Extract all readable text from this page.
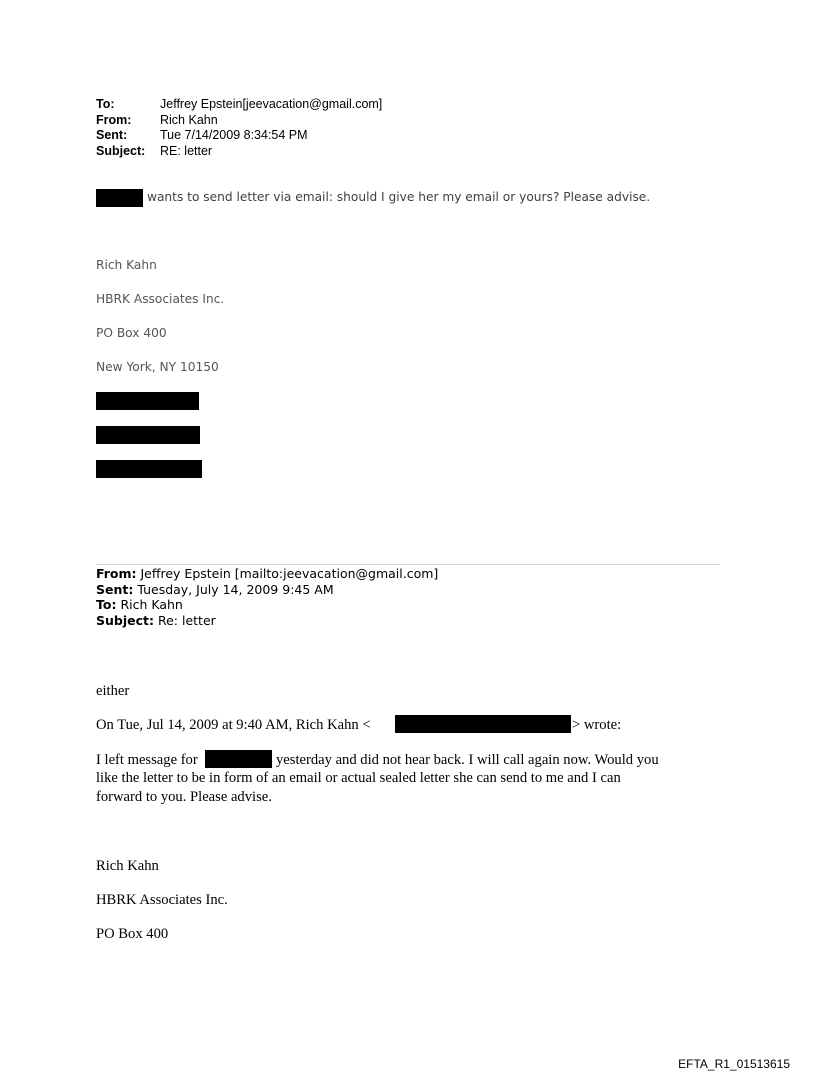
To:	Jeffrey Epstein[jeevacation@gmail.com]
From:	Rich Kahn
Sent:	Tue 7/14/2009 8:34:54 PM
Subject:	RE: letter
wants to send letter via email: should I give her my email or yours? Please advise.
Rich Kahn
HBRK Associates Inc.
PO Box 400
New York, NY 10150
From: Jeffrey Epstein [mailto:jeevacation@gmail.com]
Sent: Tuesday, July 14, 2009 9:45 AM
To: Rich Kahn
Subject: Re: letter
either
On Tue, Jul 14, 2009 at 9:40 AM, Rich Kahn <	> wrote:
I left message for	yesterday and did not hear back. I will call again now. Would you
like the letter to be in form of an email or actual sealed letter she can send to me and I can
forward to you. Please advise.
Rich Kahn
HBRK Associates Inc.
PO Box 400
EFTA_R1_01513615
